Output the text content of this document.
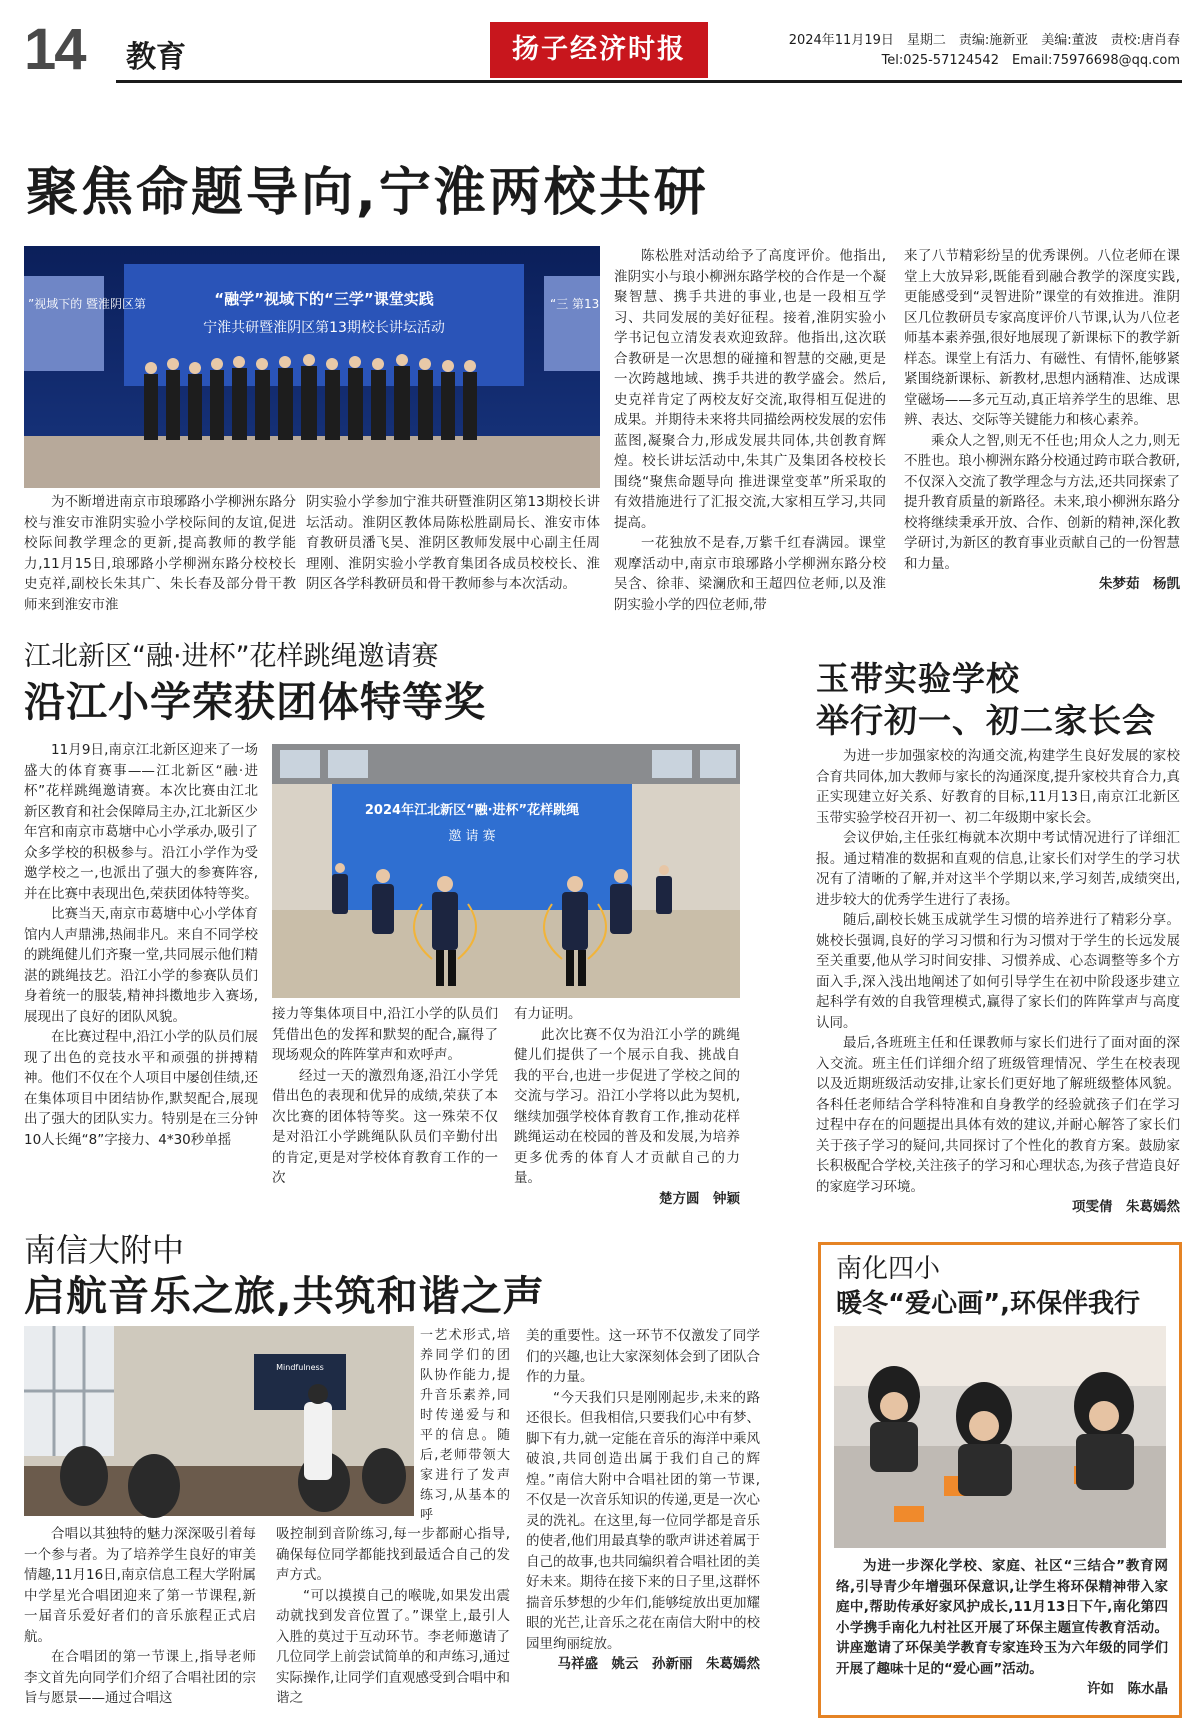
14 教育	扬子经济时报	2024年11月19日　星期二　责编:施新亚　美编:董波　责校:唐肖春
Tel:025-57124542　Email:75976698@qq.com
聚焦命题导向,宁淮两校共研
“融学”视域下的“三学”课堂实践
宁淮共研暨淮阴区第13期校长讲坛活动
”视域下的 暨淮阴区第	“三 第13

为不断增进南京市琅琊路小学柳洲东路分校与淮安市淮阴实验小学校际间的友谊,促进校际间教学理念的更新,提高教师的教学能力,11月15日,琅琊路小学柳洲东路分校校长史克祥,副校长朱其广、朱长春及部分骨干教师来到淮安市淮

阴实验小学参加宁淮共研暨淮阴区第13期校长讲坛活动。淮阴区教体局陈松胜副局长、淮安市体育教研员潘飞昊、淮阴区教师发展中心副主任周理刚、淮阴实验小学教育集团各成员校校长、淮阴区各学科教研员和骨干教师参与本次活动。

陈松胜对活动给予了高度评价。他指出,淮阴实小与琅小柳洲东路学校的合作是一个凝聚智慧、携手共进的事业,也是一段相互学习、共同发展的美好征程。接着,淮阴实验小学书记包立清发表欢迎致辞。他指出,这次联合教研是一次思想的碰撞和智慧的交融,更是一次跨越地域、携手共进的教学盛会。然后,史克祥肯定了两校友好交流,取得相互促进的成果。并期待未来将共同描绘两校发展的宏伟蓝图,凝聚合力,形成发展共同体,共创教育辉煌。校长讲坛活动中,朱其广及集团各校校长围绕“聚焦命题导向 推进课堂变革”所采取的有效措施进行了汇报交流,大家相互学习,共同提高。

一花独放不是春,万紫千红春满园。课堂观摩活动中,南京市琅琊路小学柳洲东路分校吴含、徐菲、梁澜欣和王超四位老师,以及淮阴实验小学的四位老师,带

来了八节精彩纷呈的优秀课例。八位老师在课堂上大放异彩,既能看到融合教学的深度实践,更能感受到“灵智进阶”课堂的有效推进。淮阴区几位教研员专家高度评价八节课,认为八位老师基本素养强,很好地展现了新课标下的教学新样态。课堂上有活力、有磁性、有情怀,能够紧紧围绕新课标、新教材,思想内涵精准、达成课堂磁场——多元互动,真正培养学生的思维、思辨、表达、交际等关键能力和核心素养。

乘众人之智,则无不任也;用众人之力,则无不胜也。琅小柳洲东路分校通过跨市联合教研,不仅深入交流了教学理念与方法,还共同探索了提升教育质量的新路径。未来,琅小柳洲东路分校将继续秉承开放、合作、创新的精神,深化教学研讨,为新区的教育事业贡献自己的一份智慧和力量。

朱梦茹　杨凯
江北新区“融·进杯”花样跳绳邀请赛
沿江小学荣获团体特等奖
2024年江北新区“融·进杯”花样跳绳
邀 请 赛

11月9日,南京江北新区迎来了一场盛大的体育赛事——江北新区“融·进杯”花样跳绳邀请赛。本次比赛由江北新区教育和社会保障局主办,江北新区少年宫和南京市葛塘中心小学承办,吸引了众多学校的积极参与。沿江小学作为受邀学校之一,也派出了强大的参赛阵容,并在比赛中表现出色,荣获团体特等奖。

比赛当天,南京市葛塘中心小学体育馆内人声鼎沸,热闹非凡。来自不同学校的跳绳健儿们齐聚一堂,共同展示他们精湛的跳绳技艺。沿江小学的参赛队员们身着统一的服装,精神抖擞地步入赛场,展现出了良好的团队风貌。

在比赛过程中,沿江小学的队员们展现了出色的竞技水平和顽强的拼搏精神。他们不仅在个人项目中屡创佳绩,还在集体项目中团结协作,默契配合,展现出了强大的团队实力。特别是在三分钟10人长绳“8”字接力、4*30秒单摇

接力等集体项目中,沿江小学的队员们凭借出色的发挥和默契的配合,赢得了现场观众的阵阵掌声和欢呼声。

经过一天的激烈角逐,沿江小学凭借出色的表现和优异的成绩,荣获了本次比赛的团体特等奖。这一殊荣不仅是对沿江小学跳绳队队员们辛勤付出的肯定,更是对学校体育教育工作的一次

有力证明。

此次比赛不仅为沿江小学的跳绳健儿们提供了一个展示自我、挑战自我的平台,也进一步促进了学校之间的交流与学习。沿江小学将以此为契机,继续加强学校体育教育工作,推动花样跳绳运动在校园的普及和发展,为培养更多优秀的体育人才贡献自己的力量。

楚方圆　钟颖
玉带实验学校
举行初一、初二家长会

为进一步加强家校的沟通交流,构建学生良好发展的家校合育共同体,加大教师与家长的沟通深度,提升家校共育合力,真正实现建立好关系、好教育的目标,11月13日,南京江北新区玉带实验学校召开初一、初二年级期中家长会。

会议伊始,主任张红梅就本次期中考试情况进行了详细汇报。通过精准的数据和直观的信息,让家长们对学生的学习状况有了清晰的了解,并对这半个学期以来,学习刻苦,成绩突出,进步较大的优秀学生进行了表扬。

随后,副校长姚玉成就学生习惯的培养进行了精彩分享。姚校长强调,良好的学习习惯和行为习惯对于学生的长远发展至关重要,他从学习时间安排、习惯养成、心态调整等多个方面入手,深入浅出地阐述了如何引导学生在初中阶段逐步建立起科学有效的自我管理模式,赢得了家长们的阵阵掌声与高度认同。

最后,各班班主任和任课教师与家长们进行了面对面的深入交流。班主任们详细介绍了班级管理情况、学生在校表现以及近期班级活动安排,让家长们更好地了解班级整体风貌。各科任老师结合学科特准和自身教学的经验就孩子们在学习过程中存在的问题提出具体有效的建议,并耐心解答了家长们关于孩子学习的疑问,共同探讨了个性化的教育方案。鼓励家长积极配合学校,关注孩子的学习和心理状态,为孩子营造良好的家庭学习环境。

项雯倩　朱葛嫣然
南信大附中
启航音乐之旅,共筑和谐之声
Mindfulness

合唱以其独特的魅力深深吸引着每一个参与者。为了培养学生良好的审美情趣,11月16日,南京信息工程大学附属中学星光合唱团迎来了第一节课程,新一届音乐爱好者们的音乐旅程正式启航。

在合唱团的第一节课上,指导老师李文首先向同学们介绍了合唱社团的宗旨与愿景——通过合唱这

一艺术形式,培养同学们的团队协作能力,提升音乐素养,同时传递爱与和平的信息。随后,老师带领大家进行了发声练习,从基本的呼

吸控制到音阶练习,每一步都耐心指导,确保每位同学都能找到最适合自己的发声方式。

“可以摸摸自己的喉咙,如果发出震动就找到发音位置了。”课堂上,最引人入胜的莫过于互动环节。李老师邀请了几位同学上前尝试简单的和声练习,通过实际操作,让同学们直观感受到合唱中和谐之

美的重要性。这一环节不仅激发了同学们的兴趣,也让大家深刻体会到了团队合作的力量。

“今天我们只是刚刚起步,未来的路还很长。但我相信,只要我们心中有梦、脚下有力,就一定能在音乐的海洋中乘风破浪,共同创造出属于我们自己的辉煌。”南信大附中合唱社团的第一节课,不仅是一次音乐知识的传递,更是一次心灵的洗礼。在这里,每一位同学都是音乐的使者,他们用最真挚的歌声讲述着属于自己的故事,也共同编织着合唱社团的美好未来。期待在接下来的日子里,这群怀揣音乐梦想的少年们,能够绽放出更加耀眼的光芒,让音乐之花在南信大附中的校园里绚丽绽放。

马祥盛　姚云　孙新丽　朱葛嫣然
南化四小
暖冬“爱心画”,环保伴我行

为进一步深化学校、家庭、社区“三结合”教育网络,引导青少年增强环保意识,让学生将环保精神带入家庭中,帮助传承好家风护成长,11月13日下午,南化第四小学携手南化九村社区开展了环保主题宣传教育活动。讲座邀请了环保美学教育专家连玲玉为六年级的同学们开展了趣味十足的“爱心画”活动。

许如　陈水晶
